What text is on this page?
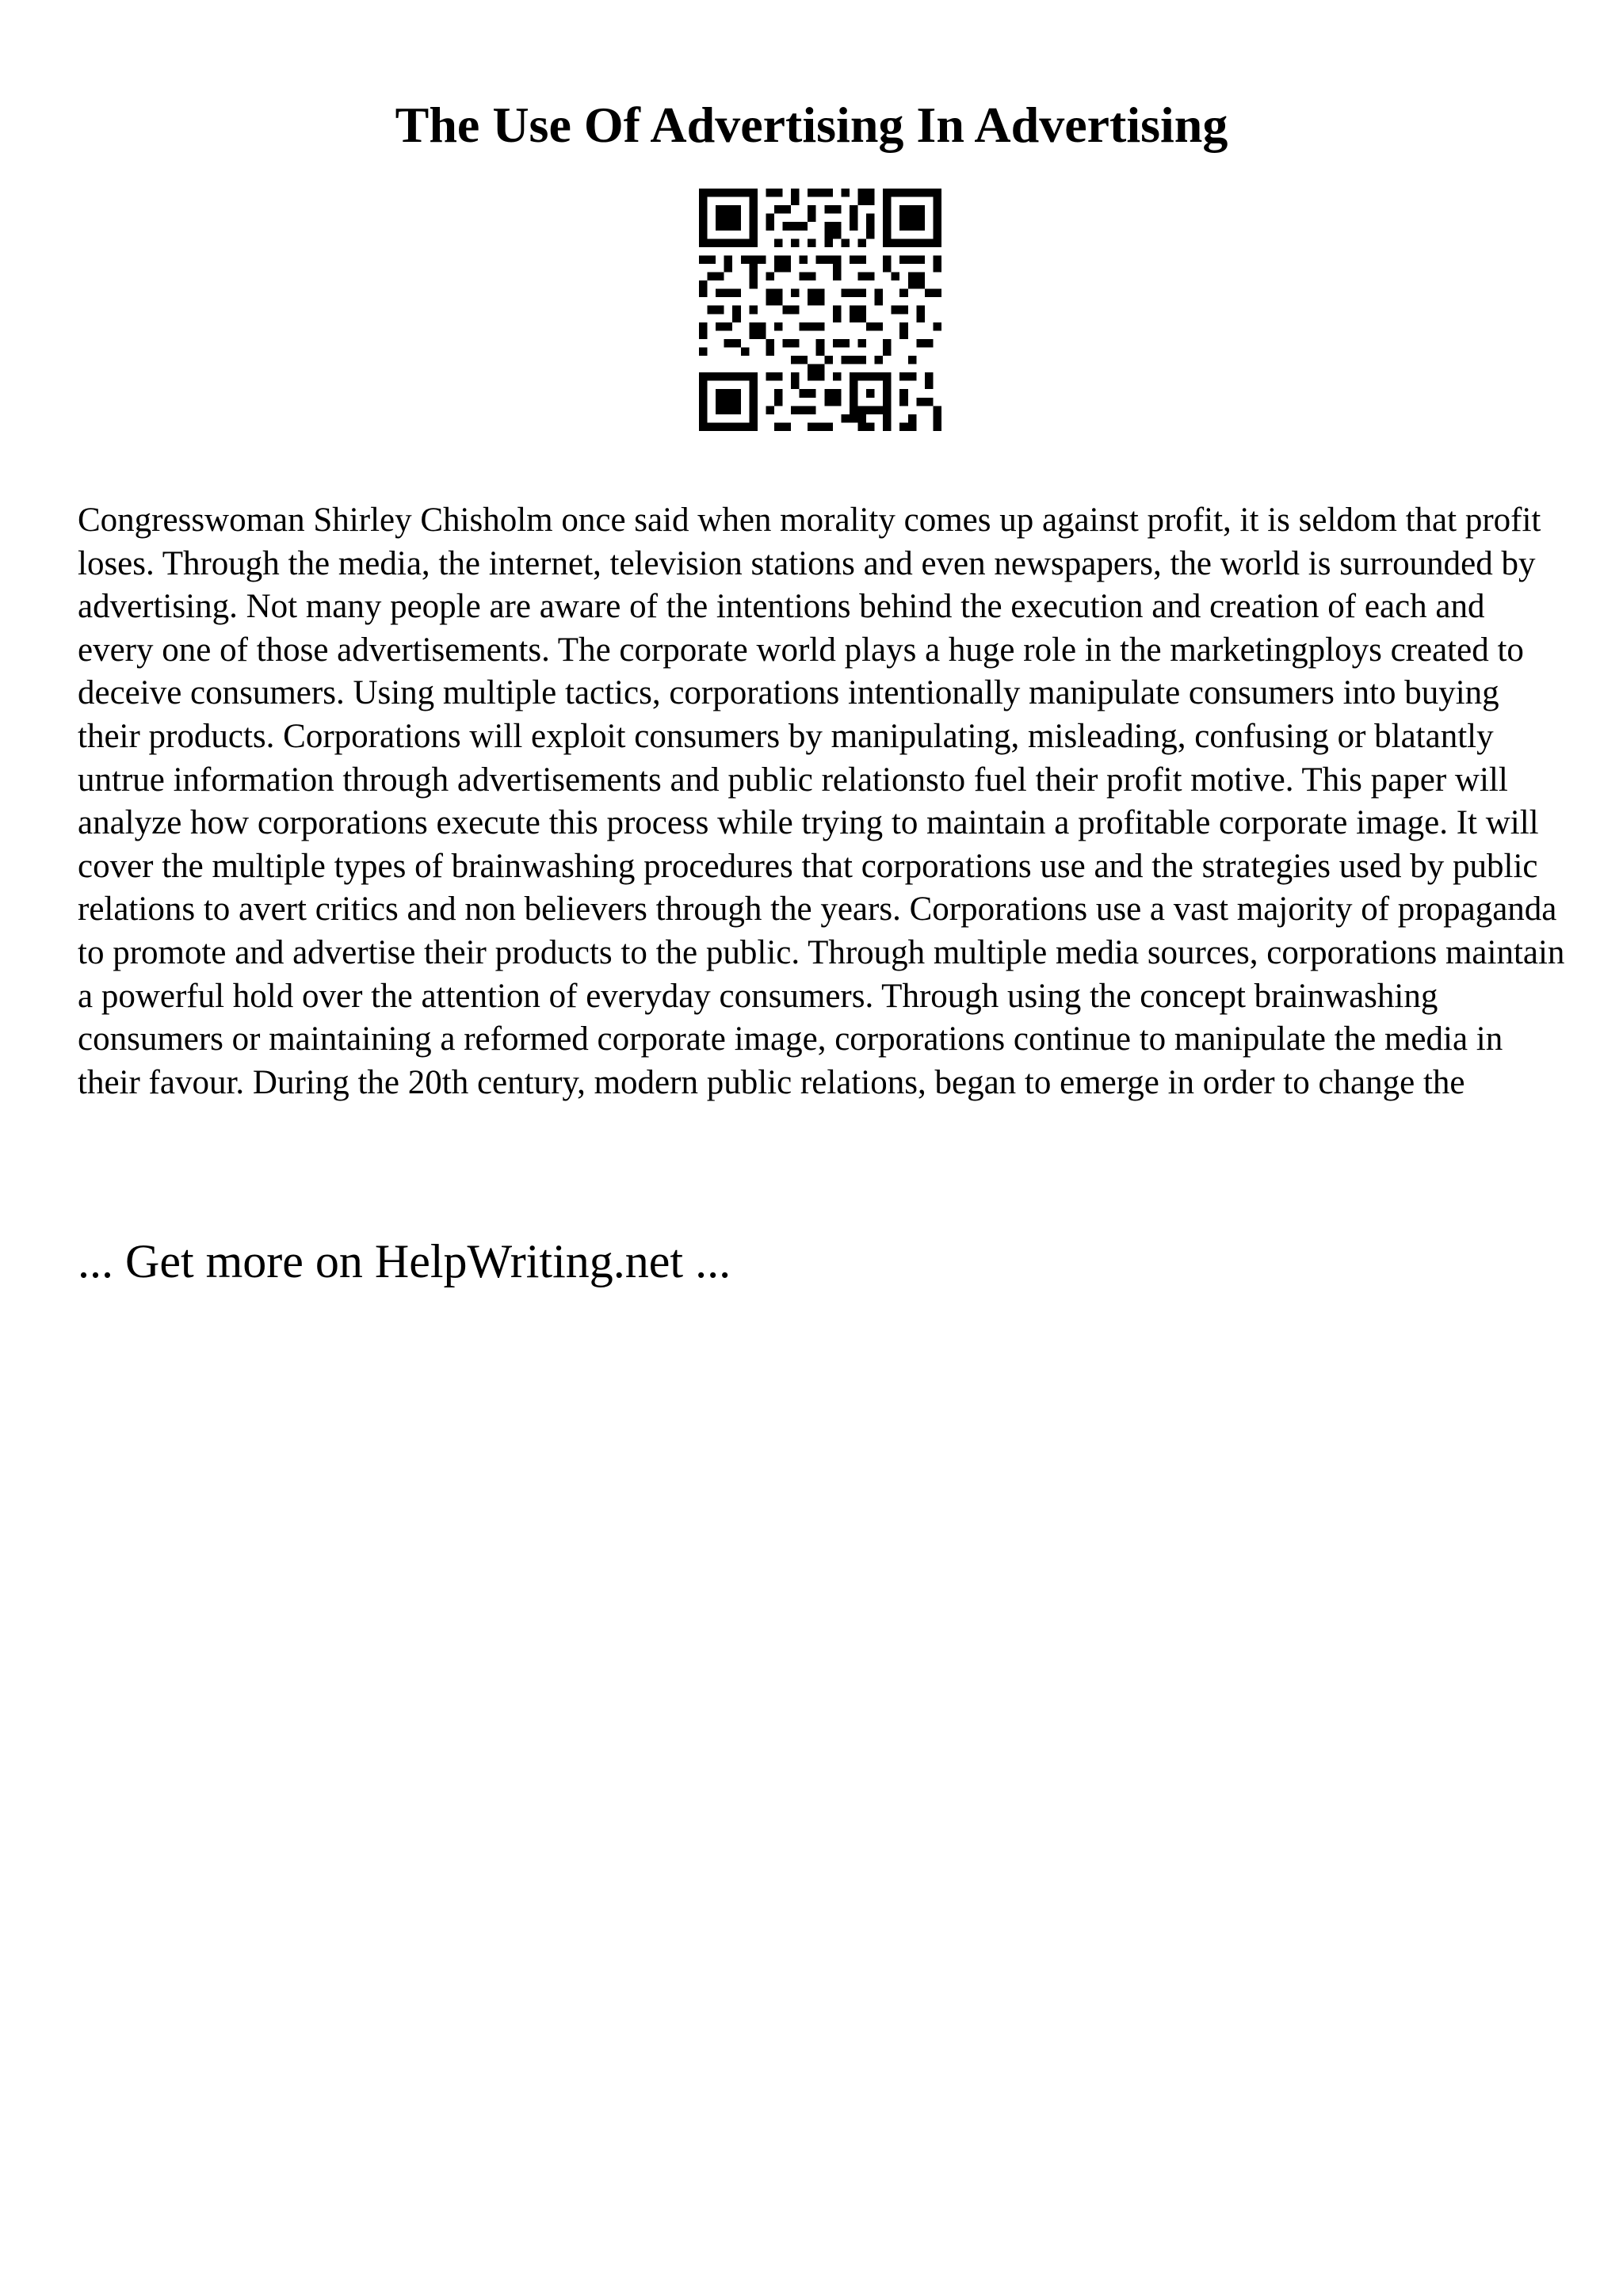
The Use Of Advertising In Advertising

Congresswoman Shirley Chisholm once said when morality comes up against profit, it is seldom that profit loses. Through the media, the internet, television stations and even newspapers, the world is surrounded by advertising. Not many people are aware of the intentions behind the execution and creation of each and every one of those advertisements. The corporate world plays a huge role in the marketingploys created to deceive consumers. Using multiple tactics, corporations intentionally manipulate consumers into buying their products. Corporations will exploit consumers by manipulating, misleading, confusing or blatantly untrue information through advertisements and public relationsto fuel their profit motive. This paper will analyze how corporations execute this process while trying to maintain a profitable corporate image. It will cover the multiple types of brainwashing procedures that corporations use and the strategies used by public relations to avert critics and non believers through the years. Corporations use a vast majority of propaganda to promote and advertise their products to the public. Through multiple media sources, corporations maintain a powerful hold over the attention of everyday consumers. Through using the concept brainwashing consumers or maintaining a reformed corporate image, corporations continue to manipulate the media in their favour. During the 20th century, modern public relations, began to emerge in order to change the

... Get more on HelpWriting.net ...
